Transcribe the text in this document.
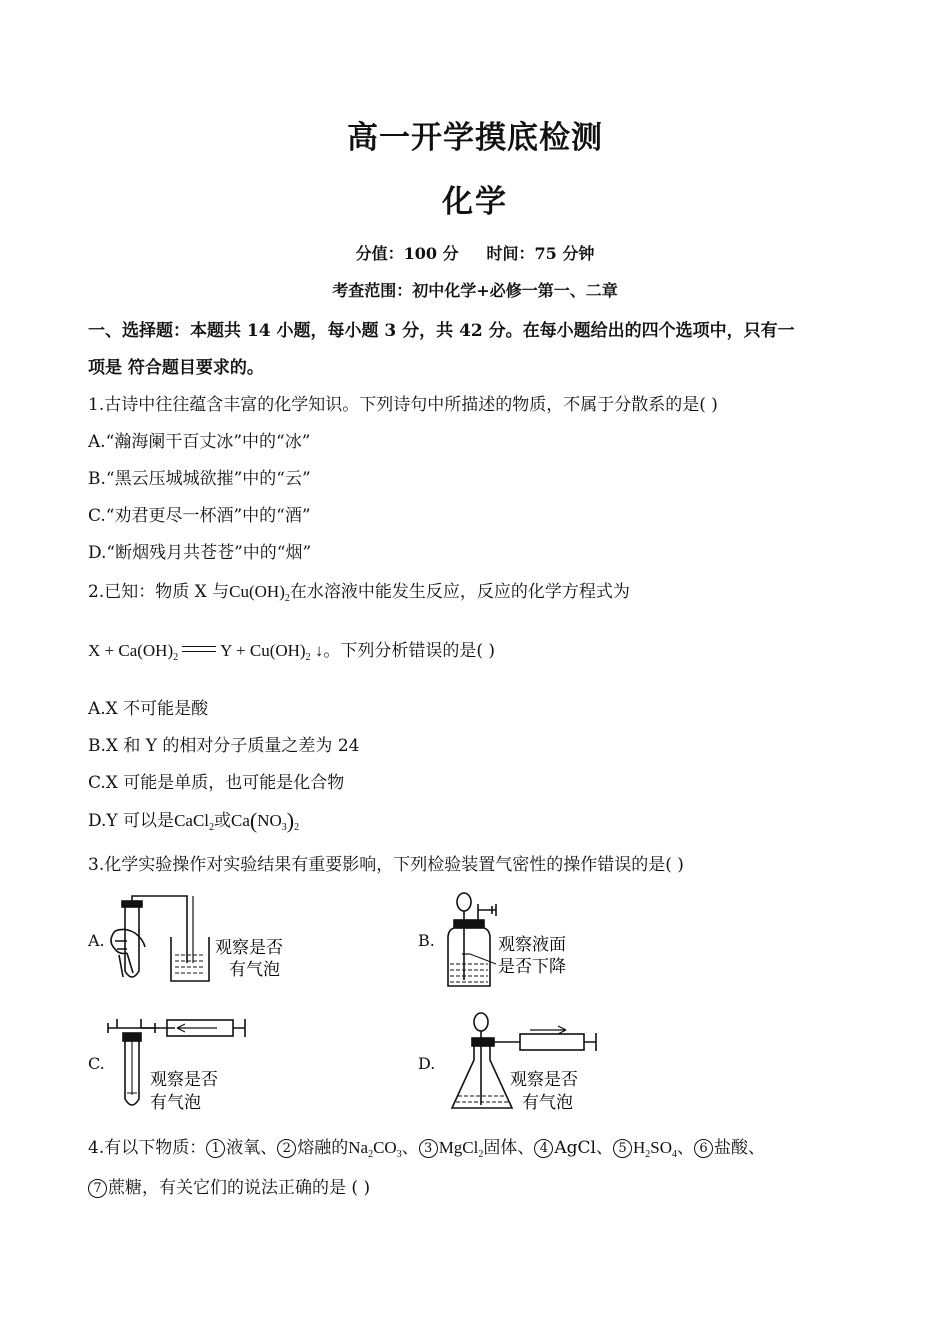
高一开学摸底检测
化学
分值：100 分 时间：75 分钟
考查范围：初中化学+必修一第一、二章
一、选择题：本题共 14 小题，每小题 3 分，共 42 分。在每小题给出的四个选项中，只有一
项是 符合题目要求的。
1.古诗中往往蕴含丰富的化学知识。下列诗句中所描述的物质，不属于分散系的是( )
A.“瀚海阑干百丈冰”中的“冰”
B.“黑云压城城欲摧”中的“云”
C.“劝君更尽一杯酒”中的“酒”
D.“断烟残月共苍苍”中的“烟”
2.已知：物质 X 与$Cu(OH)_2$在水溶液中能发生反应，反应的化学方程式为
$X + Ca(OH)_2$ $Y + Cu(OH)_2$ ↓。下列分析错误的是( )
A.X 不可能是酸
B.X 和 Y 的相对分子质量之差为 24
C.X 可能是单质，也可能是化合物
D.Y 可以是CaCl$_2$或$Ca(NO_3)_2$
3.化学实验操作对实验结果有重要影响，下列检验装置气密性的操作错误的是( )
A.	B.
C.	D.
观察是否
有气泡
观察液面
是否下降
观察是否
有气泡
观察是否
有气泡
4.有以下物质： 1 液氧、 2 熔融的$Na_2CO_3$、 3 MgCl$_2$固体、 4 AgCl、 5 $H_2SO_4$、 6 盐酸、
7 蔗糖，有关它们的说法正确的是 ( )
